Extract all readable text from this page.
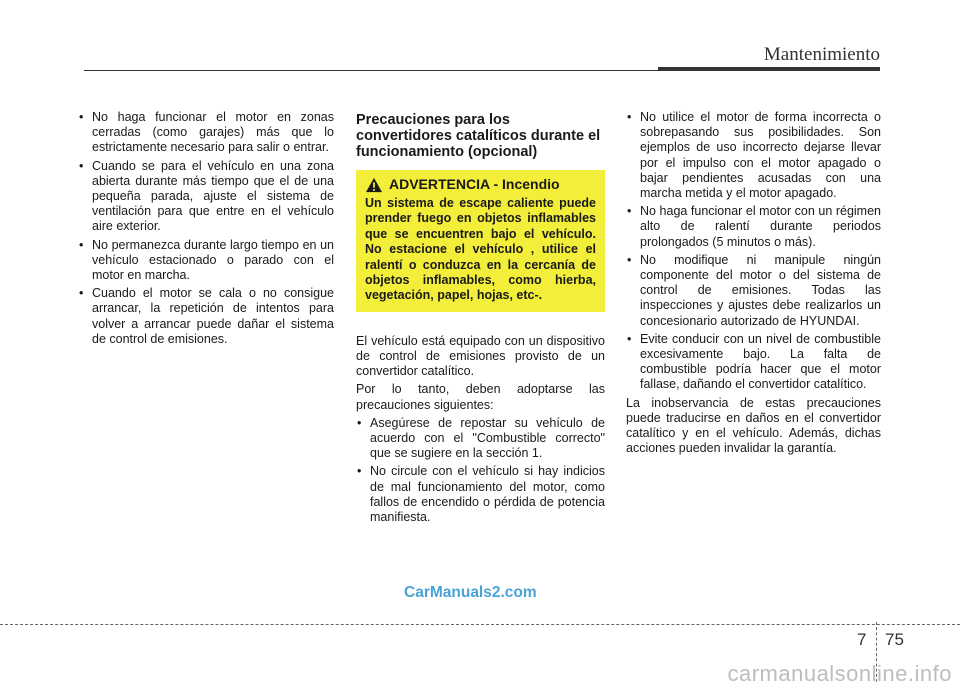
Mantenimiento
• No haga funcionar el motor en zonas cerradas (como garajes) más que lo estrictamente necesario para salir o entrar.
• Cuando se para el vehículo en una zona abierta durante más tiempo que el de una pequeña parada, ajuste el sistema de ventilación para que entre en el vehículo aire exterior.
• No permanezca durante largo tiempo en un vehículo estacionado o parado con el motor en marcha.
• Cuando el motor se cala o no consigue arrancar, la repetición de intentos para volver a arrancar puede dañar el sistema de control de emisiones.
Precauciones para los convertidores catalíticos durante el funcionamiento (opcional)
ADVERTENCIA - Incendio
Un sistema de escape caliente puede prender fuego en objetos inflamables que se encuentren bajo el vehículo. No estacione el vehículo , utilice el ralentí o conduzca en la cercanía de objetos inflamables, como hierba, vegetación, papel, hojas, etc-.

El vehículo está equipado con un dispositivo de control de emisiones provisto de un convertidor catalítico.

Por lo tanto, deben adoptarse las precauciones siguientes:

• Asegúrese de repostar su vehículo de acuerdo con el "Combustible correcto" que se sugiere en la sección 1.
• No circule con el vehículo si hay indicios de mal funcionamiento del motor, como fallos de encendido o pérdida de potencia manifiesta.
• No utilice el motor de forma incorrecta o sobrepasando sus posibilidades. Son ejemplos de uso incorrecto dejarse llevar por el impulso con el motor apagado o bajar pendientes acusadas con una marcha metida y el motor apagado.
• No haga funcionar el motor con un régimen alto de ralentí durante periodos prolongados (5 minutos o más).
• No modifique ni manipule ningún componente del motor o del sistema de control de emisiones. Todas las inspecciones y ajustes debe realizarlos un concesionario autorizado de HYUNDAI.
• Evite conducir con un nivel de combustible excesivamente bajo. La falta de combustible podría hacer que el motor fallase, dañando el convertidor catalítico.

La inobservancia de estas precauciones puede traducirse en daños en el convertidor catalítico y en el vehículo. Además, dichas acciones pueden invalidar la garantía.

CarManuals2.com
7 75
carmanualsonline.info
